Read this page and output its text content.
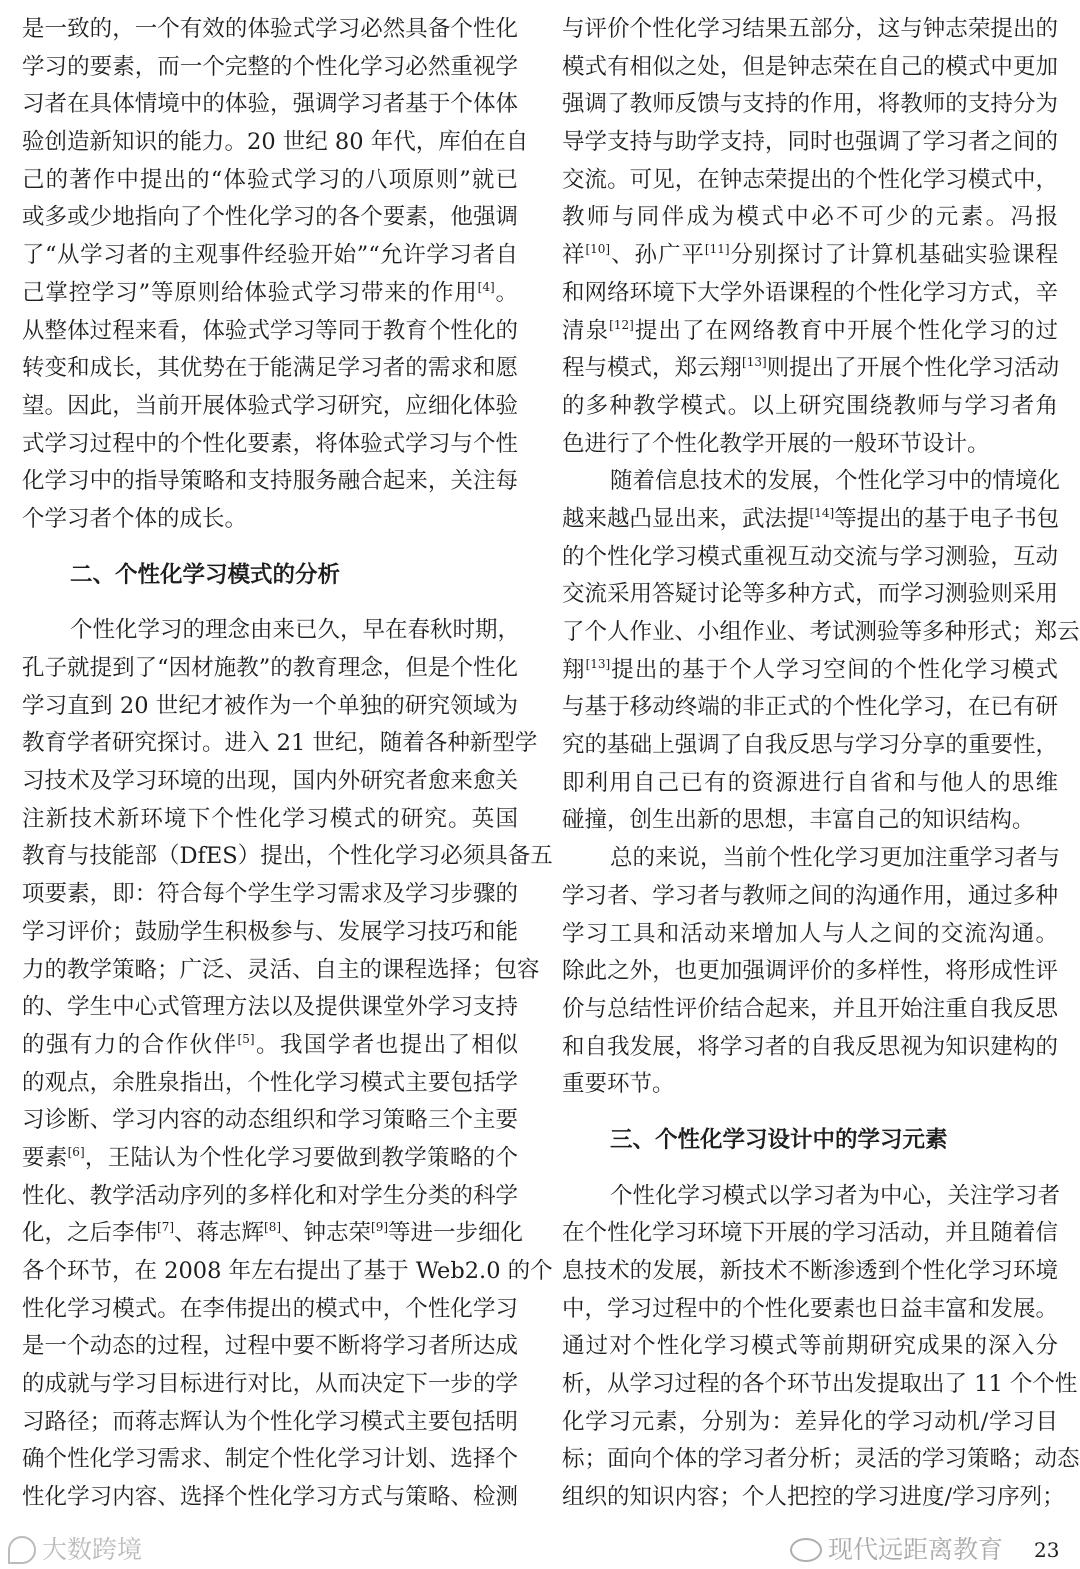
是一致的，一个有效的体验式学习必然具备个性化
学习的要素，而一个完整的个性化学习必然重视学
习者在具体情境中的体验，强调学习者基于个体体
验创造新知识的能力。20 世纪 80 年代，库伯在自
己的著作中提出的“体验式学习的八项原则”就已
或多或少地指向了个性化学习的各个要素，他强调
了“从学习者的主观事件经验开始”“允许学习者自
己掌控学习”等原则给体验式学习带来的作用[4]。
从整体过程来看，体验式学习等同于教育个性化的
转变和成长，其优势在于能满足学习者的需求和愿
望。因此，当前开展体验式学习研究，应细化体验
式学习过程中的个性化要素，将体验式学习与个性
化学习中的指导策略和支持服务融合起来，关注每
个学习者个体的成长。
二、个性化学习模式的分析
个性化学习的理念由来已久，早在春秋时期，
孔子就提到了“因材施教”的教育理念，但是个性化
学习直到 20 世纪才被作为一个单独的研究领域为
教育学者研究探讨。进入 21 世纪，随着各种新型学
习技术及学习环境的出现，国内外研究者愈来愈关
注新技术新环境下个性化学习模式的研究。英国
教育与技能部（DfES）提出，个性化学习必须具备五
项要素，即：符合每个学生学习需求及学习步骤的
学习评价；鼓励学生积极参与、发展学习技巧和能
力的教学策略；广泛、灵活、自主的课程选择；包容
的、学生中心式管理方法以及提供课堂外学习支持
的强有力的合作伙伴[5]。我国学者也提出了相似
的观点，余胜泉指出，个性化学习模式主要包括学
习诊断、学习内容的动态组织和学习策略三个主要
要素[6]，王陆认为个性化学习要做到教学策略的个
性化、教学活动序列的多样化和对学生分类的科学
化，之后李伟[7]、蒋志辉[8]、钟志荣[9]等进一步细化
各个环节，在 2008 年左右提出了基于 Web2.0 的个
性化学习模式。在李伟提出的模式中，个性化学习
是一个动态的过程，过程中要不断将学习者所达成
的成就与学习目标进行对比，从而决定下一步的学
习路径；而蒋志辉认为个性化学习模式主要包括明
确个性化学习需求、制定个性化学习计划、选择个
性化学习内容、选择个性化学习方式与策略、检测
与评价个性化学习结果五部分，这与钟志荣提出的
模式有相似之处，但是钟志荣在自己的模式中更加
强调了教师反馈与支持的作用，将教师的支持分为
导学支持与助学支持，同时也强调了学习者之间的
交流。可见，在钟志荣提出的个性化学习模式中，
教师与同伴成为模式中必不可少的元素。冯报
祥[10]、孙广平[11]分别探讨了计算机基础实验课程
和网络环境下大学外语课程的个性化学习方式，辛
清泉[12]提出了在网络教育中开展个性化学习的过
程与模式，郑云翔[13]则提出了开展个性化学习活动
的多种教学模式。以上研究围绕教师与学习者角
色进行了个性化教学开展的一般环节设计。
随着信息技术的发展，个性化学习中的情境化
越来越凸显出来，武法提[14]等提出的基于电子书包
的个性化学习模式重视互动交流与学习测验，互动
交流采用答疑讨论等多种方式，而学习测验则采用
了个人作业、小组作业、考试测验等多种形式；郑云
翔[13]提出的基于个人学习空间的个性化学习模式
与基于移动终端的非正式的个性化学习，在已有研
究的基础上强调了自我反思与学习分享的重要性，
即利用自己已有的资源进行自省和与他人的思维
碰撞，创生出新的思想，丰富自己的知识结构。
总的来说，当前个性化学习更加注重学习者与
学习者、学习者与教师之间的沟通作用，通过多种
学习工具和活动来增加人与人之间的交流沟通。
除此之外，也更加强调评价的多样性，将形成性评
价与总结性评价结合起来，并且开始注重自我反思
和自我发展，将学习者的自我反思视为知识建构的
重要环节。
三、个性化学习设计中的学习元素
个性化学习模式以学习者为中心，关注学习者
在个性化学习环境下开展的学习活动，并且随着信
息技术的发展，新技术不断渗透到个性化学习环境
中，学习过程中的个性化要素也日益丰富和发展。
通过对个性化学习模式等前期研究成果的深入分
析，从学习过程的各个环节出发提取出了 11 个个性
化学习元素，分别为：差异化的学习动机/学习目
标；面向个体的学习者分析；灵活的学习策略；动态
组织的知识内容；个人把控的学习进度/学习序列；
23
现代远距离教育
大数跨境
